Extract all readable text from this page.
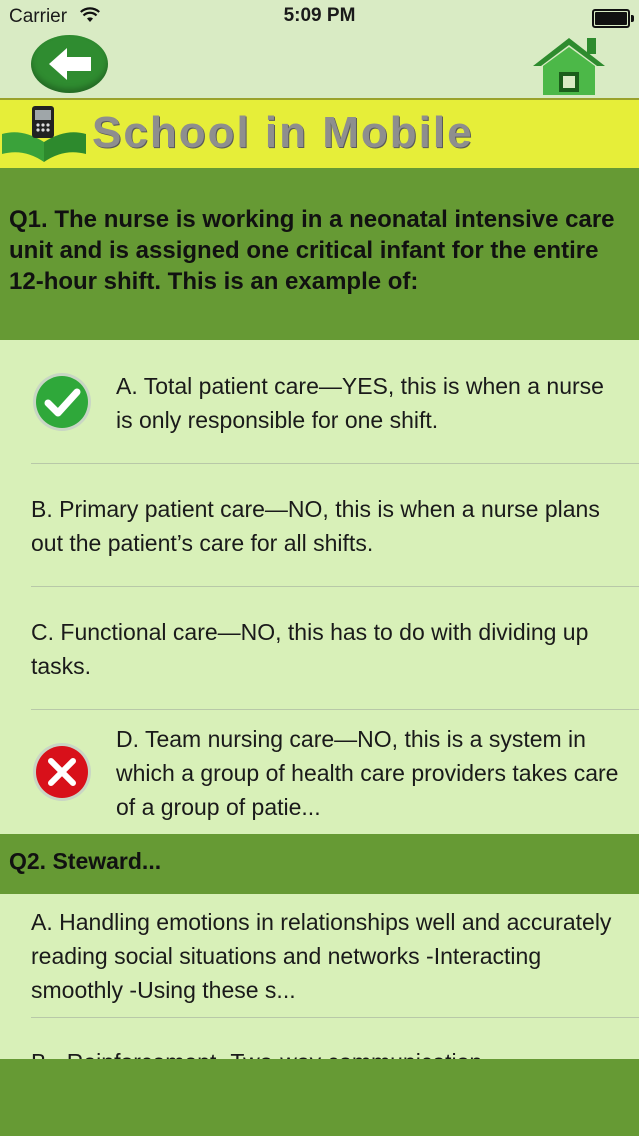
Carrier	5:09 PM
School in Mobile
Q1. The nurse is working in a neonatal intensive care unit and is assigned one critical infant for the entire 12-hour shift. This is an example of:
A. Total patient care—YES, this is when a nurse is only responsible for one shift.
B. Primary patient care—NO, this is when a nurse plans out the patient’s care for all shifts.
C. Functional care—NO, this has to do with dividing up tasks.
D. Team nursing care—NO, this is a system in which a group of health care providers takes care of a group of patie...
Q2. Steward...
A. Handling emotions in relationships well and accurately reading social situations and networks -Interacting smoothly -Using these s...
